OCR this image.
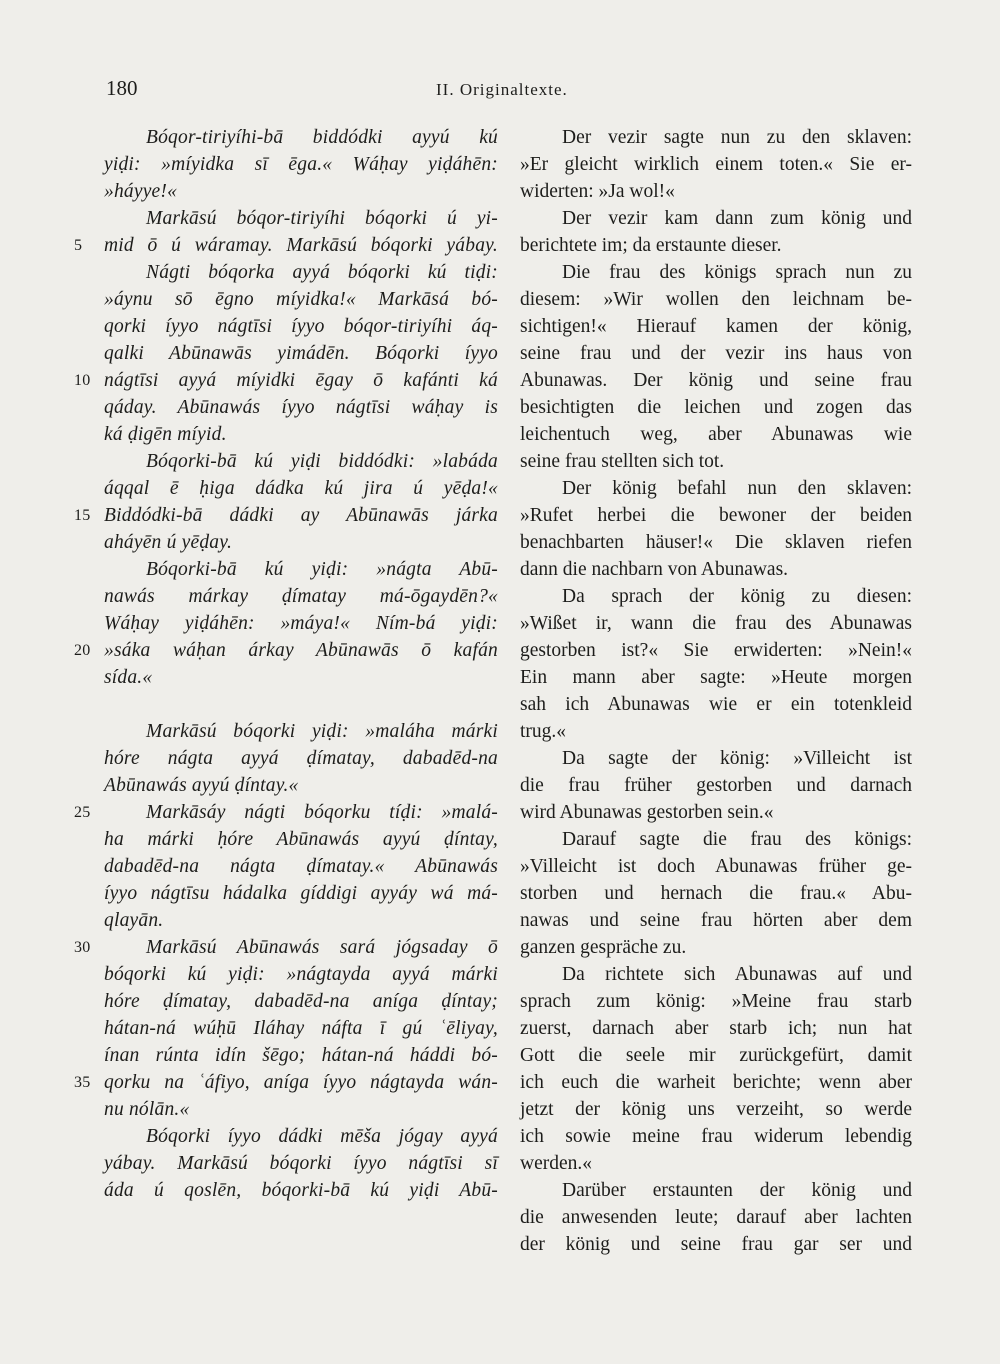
180	II. Originaltexte.
Bóqor-tiriyíhi-bā biddódki ayyú kú
yiḍi: »míyidka sī ēga.« Wáḥay yiḍáhēn:
»háyye!«
Markāsú bóqor-tiriyíhi bóqorki ú yi-
5	mid ō ú wáramay. Markāsú bóqorki yábay.
Nágti bóqorka ayyá bóqorki kú tiḍi:
»áynu sō ēgno míyidka!« Markāsá bó-
qorki íyyo nágtīsi íyyo bóqor-tiriyíhi áq-
qalki Abūnawās yimádēn. Bóqorki íyyo
10 nágtīsi ayyá míyidki ēgay ō kafánti ká
qáday. Abūnawás íyyo nágtīsi wáḥay is
ká ḍigēn míyid.
Bóqorki-bā kú yiḍi biddódki: »labáda
áqqal ē ḥiga dádka kú jira ú yēḍa!«
15 Biddódki-bā dádki ay Abūnawās járka
aháyēn ú yēḍay.
Bóqorki-bā kú yiḍi: »nágta Abū-
nawás márkay ḍímatay má-ōgaydēn?«
Wáḥay yiḍáhēn: »máya!« Ním-bá yiḍi:
20 »sáka wáḥan árkay Abūnawās ō kafán
sída.«
Markāsú bóqorki yiḍi: »maláha márki
hóre nágta ayyá ḍímatay, dabadēd-na
Abūnawás ayyú ḍíntay.«
25	Markāsáy nágti bóqorku tíḍi: »malá-
ha márki ḥóre Abūnawás ayyú ḍíntay,
dabadēd-na nágta ḍímatay.« Abūnawás
íyyo nágtīsu hádalka gíddigi ayyáy wá má-
qlayān.
30	Markāsú Abūnawás sará jógsaday ō
bóqorki kú yiḍi: »nágtayda ayyá márki
hóre ḍímatay, dabadēd-na aníga ḍíntay;
hátan-ná wúḥū Iláhay náfta ī gú ʿēliyay,
ínan rúnta idín šēgo; hátan-ná háddi bó-
35 qorku na ʿáfiyo, aníga íyyo nágtayda wán-
nu nólān.«
Bóqorki íyyo dádki mēša jógay ayyá
yábay. Markāsú bóqorki íyyo nágtīsi sī
áda ú qoslēn, bóqorki-bā kú yiḍi Abū-
Der vezir sagte nun zu den sklaven:
»Er gleicht wirklich einem toten.« Sie er-
widerten: »Ja wol!«
Der vezir kam dann zum könig und
berichtete im; da erstaunte dieser.
Die frau des königs sprach nun zu
diesem: »Wir wollen den leichnam be-
sichtigen!« Hierauf kamen der könig,
seine frau und der vezir ins haus von
Abunawas. Der könig und seine frau
besichtigten die leichen und zogen das
leichentuch weg, aber Abunawas wie
seine frau stellten sich tot.
Der könig befahl nun den sklaven:
»Rufet herbei die bewoner der beiden
benachbarten häuser!« Die sklaven riefen
dann die nachbarn von Abunawas.
Da sprach der könig zu diesen:
»Wißet ir, wann die frau des Abunawas
gestorben ist?« Sie erwiderten: »Nein!«
Ein mann aber sagte: »Heute morgen
sah ich Abunawas wie er ein totenkleid
trug.«
Da sagte der könig: »Villeicht ist
die frau früher gestorben und darnach
wird Abunawas gestorben sein.«
Darauf sagte die frau des königs:
»Villeicht ist doch Abunawas früher ge-
storben und hernach die frau.« Abu-
nawas und seine frau hörten aber dem
ganzen gespräche zu.
Da richtete sich Abunawas auf und
sprach zum könig: »Meine frau starb
zuerst, darnach aber starb ich; nun hat
Gott die seele mir zurückgefürt, damit
ich euch die warheit berichte; wenn aber
jetzt der könig uns verzeiht, so werde
ich sowie meine frau widerum lebendig
werden.«
Darüber erstaunten der könig und
die anwesenden leute; darauf aber lachten
der könig und seine frau gar ser und
